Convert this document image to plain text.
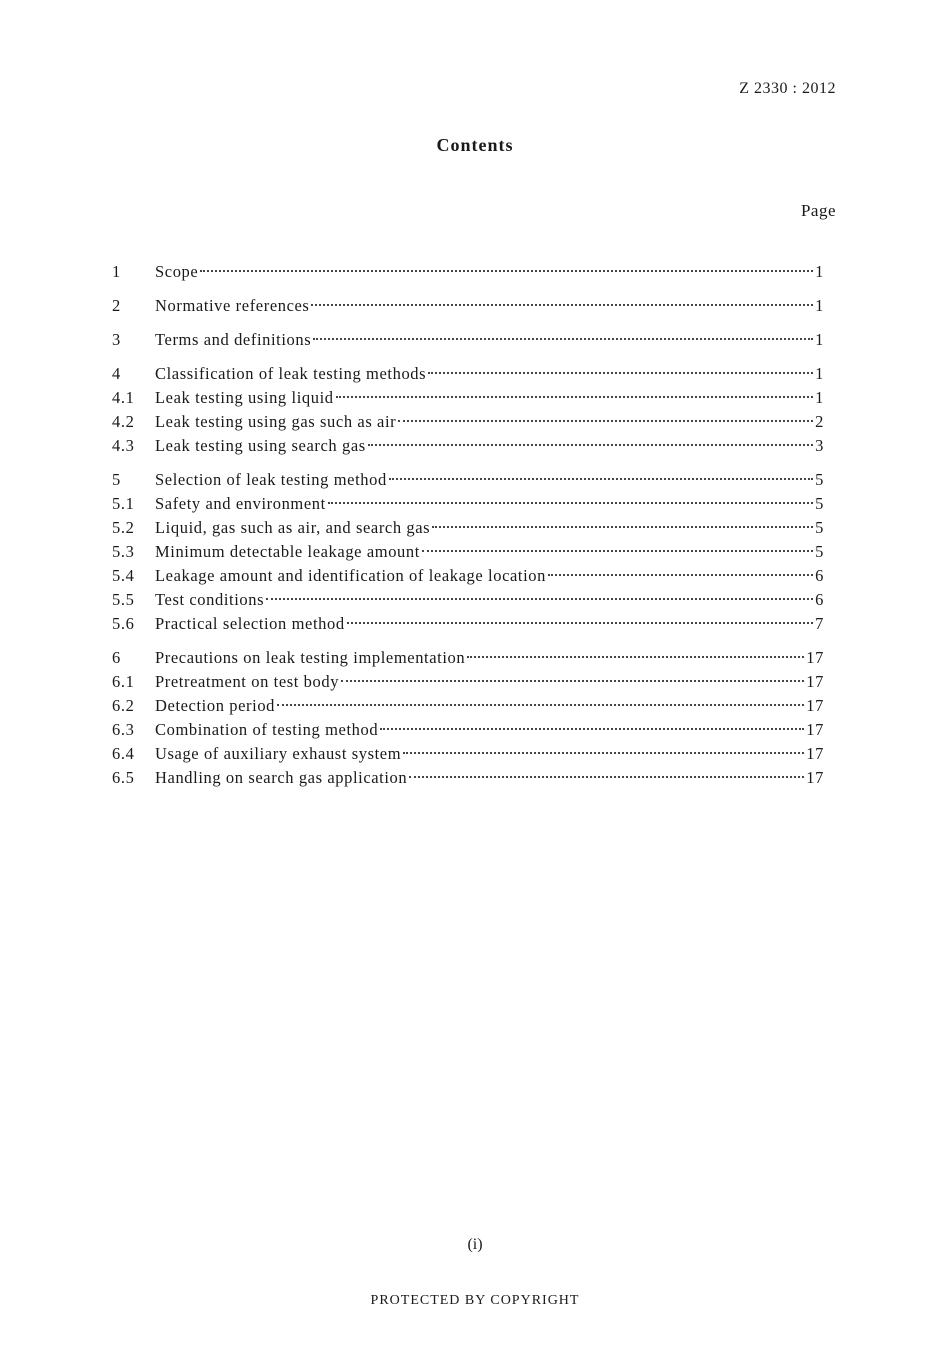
Z 2330 : 2012
Contents
Page
1	Scope	1
2	Normative references	1
3	Terms and definitions	1
4	Classification of leak testing methods	1
4.1	Leak testing using liquid	1
4.2	Leak testing using gas such as air	2
4.3	Leak testing using search gas	3
5	Selection of leak testing method	5
5.1	Safety and environment	5
5.2	Liquid, gas such as air, and search gas	5
5.3	Minimum detectable leakage amount	5
5.4	Leakage amount and identification of leakage location	6
5.5	Test conditions	6
5.6	Practical selection method	7
6	Precautions on leak testing implementation	17
6.1	Pretreatment on test body	17
6.2	Detection period	17
6.3	Combination of testing method	17
6.4	Usage of auxiliary exhaust system	17
6.5	Handling on search gas application	17
(i)
PROTECTED BY COPYRIGHT
